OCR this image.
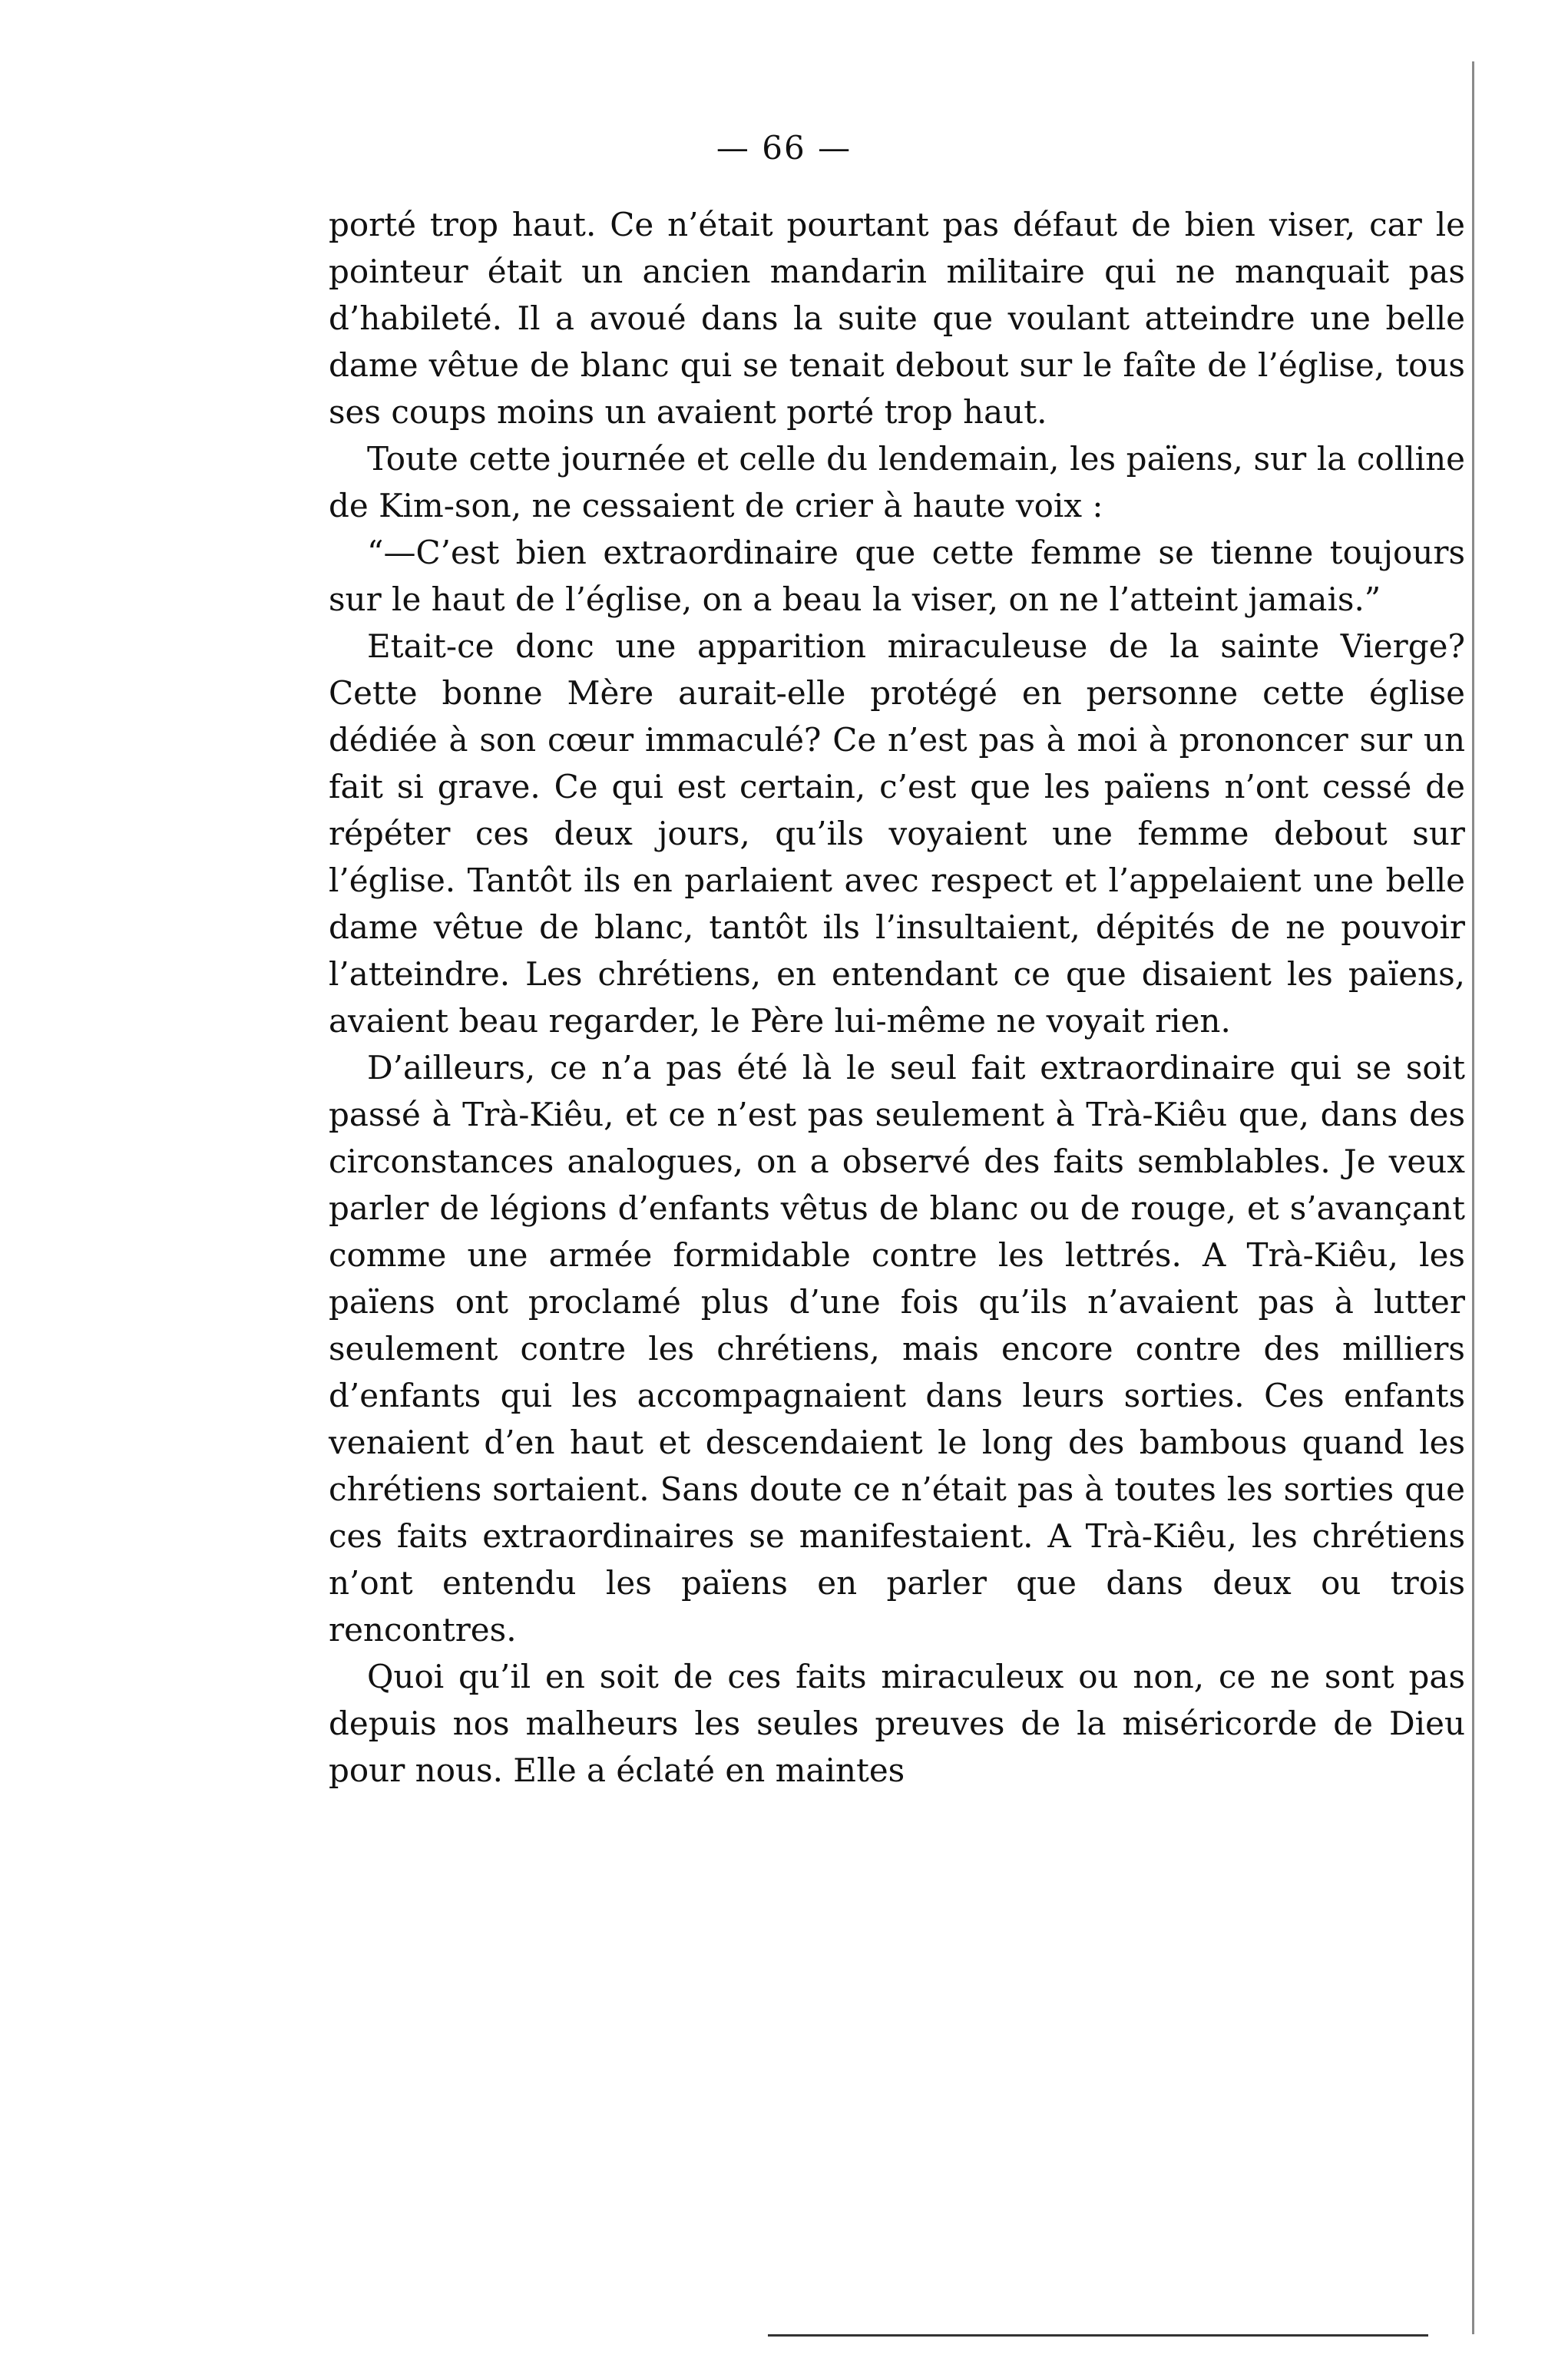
— 66 —

porté trop haut. Ce n’était pourtant pas défaut de bien viser, car le pointeur était un ancien mandarin militaire qui ne manquait pas d’habileté. Il a avoué dans la suite que voulant atteindre une belle dame vêtue de blanc qui se tenait debout sur le faîte de l’église, tous ses coups moins un avaient porté trop haut.

Toute cette journée et celle du lendemain, les païens, sur la colline de Kim-son, ne cessaient de crier à haute voix :

“—C’est bien extraordinaire que cette femme se tienne toujours sur le haut de l’église, on a beau la viser, on ne l’atteint jamais.”

Etait-ce donc une apparition miraculeuse de la sainte Vierge? Cette bonne Mère aurait-elle protégé en personne cette église dédiée à son cœur immaculé? Ce n’est pas à moi à prononcer sur un fait si grave. Ce qui est certain, c’est que les païens n’ont cessé de répéter ces deux jours, qu’ils voyaient une femme debout sur l’église. Tantôt ils en parlaient avec respect et l’appelaient une belle dame vêtue de blanc, tantôt ils l’insultaient, dépités de ne pouvoir l’atteindre. Les chrétiens, en entendant ce que disaient les païens, avaient beau regarder, le Père lui-même ne voyait rien.

D’ailleurs, ce n’a pas été là le seul fait extraordinaire qui se soit passé à Trà-Kiêu, et ce n’est pas seulement à Trà-Kiêu que, dans des circonstances analogues, on a observé des faits semblables. Je veux parler de légions d’enfants vêtus de blanc ou de rouge, et s’avançant comme une armée formidable contre les lettrés. A Trà-Kiêu, les païens ont proclamé plus d’une fois qu’ils n’avaient pas à lutter seulement contre les chrétiens, mais encore contre des milliers d’enfants qui les accompagnaient dans leurs sorties. Ces enfants venaient d’en haut et descendaient le long des bambous quand les chrétiens sortaient. Sans doute ce n’était pas à toutes les sorties que ces faits extraordinaires se manifestaient. A Trà-Kiêu, les chrétiens n’ont entendu les païens en parler que dans deux ou trois rencontres.

Quoi qu’il en soit de ces faits miraculeux ou non, ce ne sont pas depuis nos malheurs les seules preuves de la miséricorde de Dieu pour nous. Elle a éclaté en maintes
